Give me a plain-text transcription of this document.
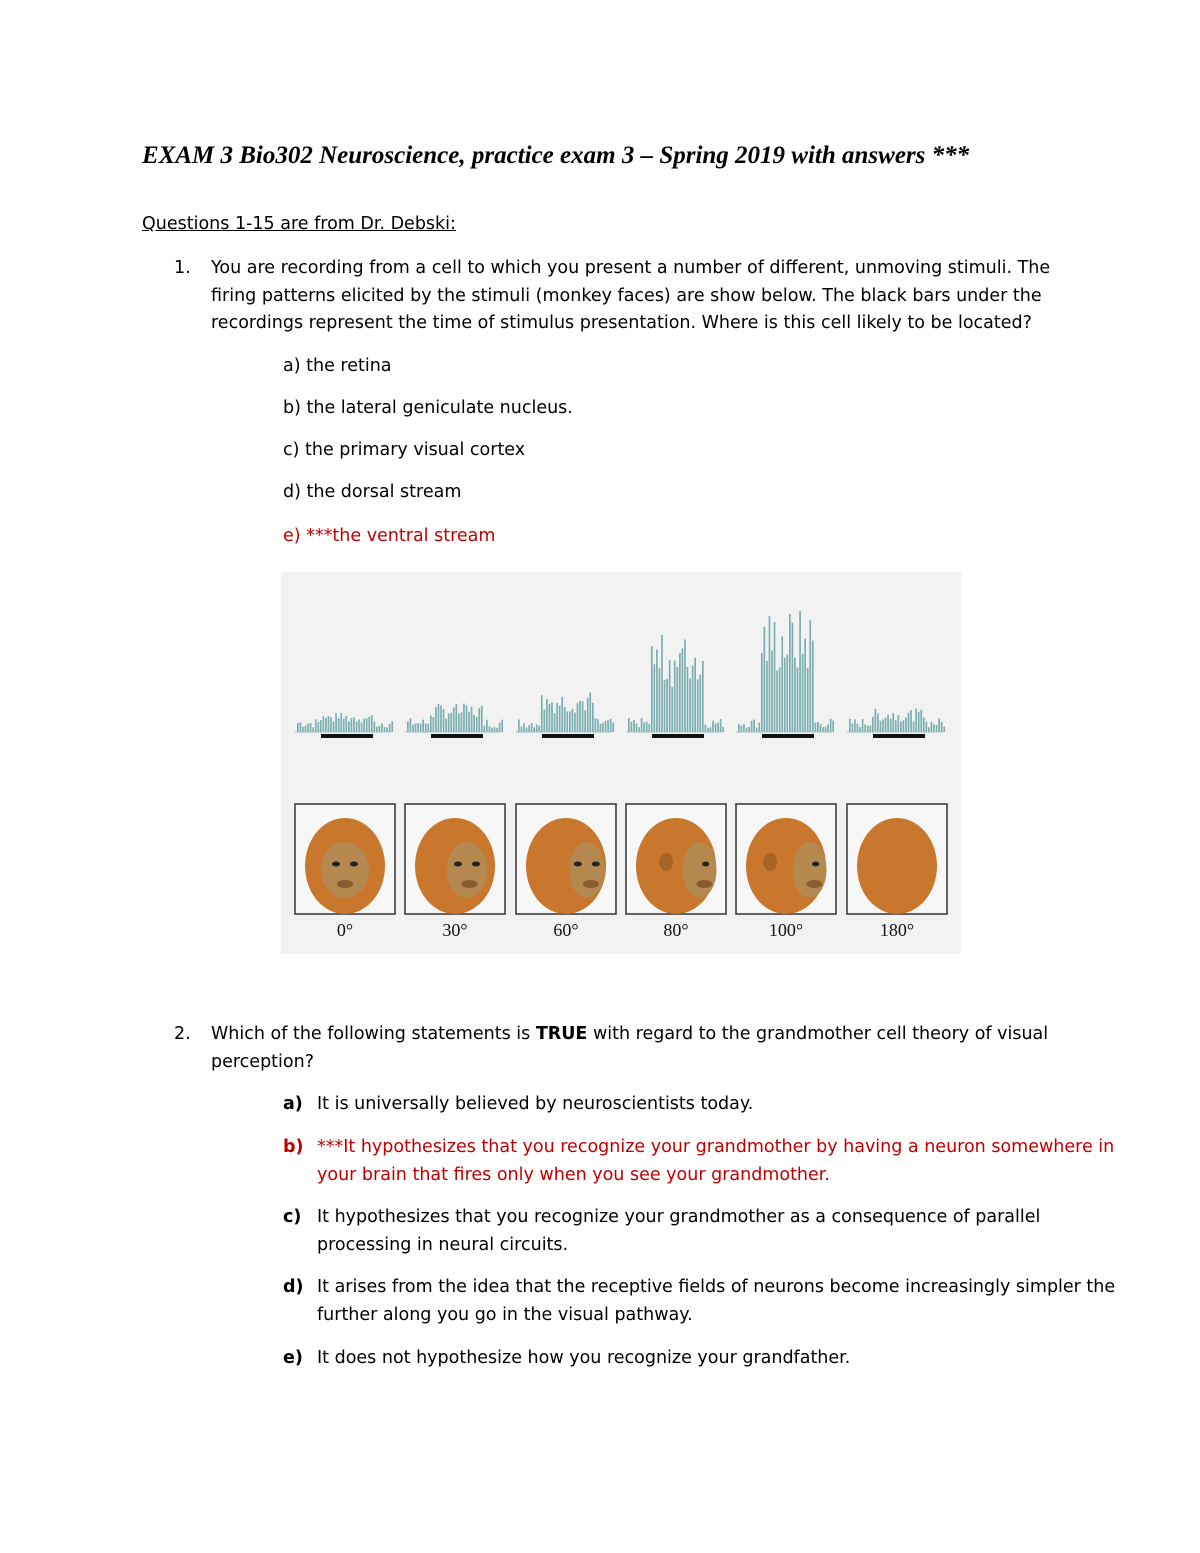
EXAM 3 Bio302 Neuroscience, practice exam 3 – Spring 2019 with answers ***
Questions 1-15 are from Dr. Debski:
1. You are recording from a cell to which you present a number of different, unmoving stimuli. The firing patterns elicited by the stimuli (monkey faces) are show below. The black bars under the recordings represent the time of stimulus presentation. Where is this cell likely to be located?
a) the retina
b) the lateral geniculate nucleus.
c) the primary visual cortex
d) the dorsal stream
e) ***the ventral stream
0°	30°	60°	80°	100°	180°
2. Which of the following statements is TRUE with regard to the grandmother cell theory of visual perception?
a) It is universally believed by neuroscientists today.
b) ***It hypothesizes that you recognize your grandmother by having a neuron somewhere in your brain that fires only when you see your grandmother.
c) It hypothesizes that you recognize your grandmother as a consequence of parallel processing in neural circuits.
d) It arises from the idea that the receptive fields of neurons become increasingly simpler the further along you go in the visual pathway.
e) It does not hypothesize how you recognize your grandfather.
